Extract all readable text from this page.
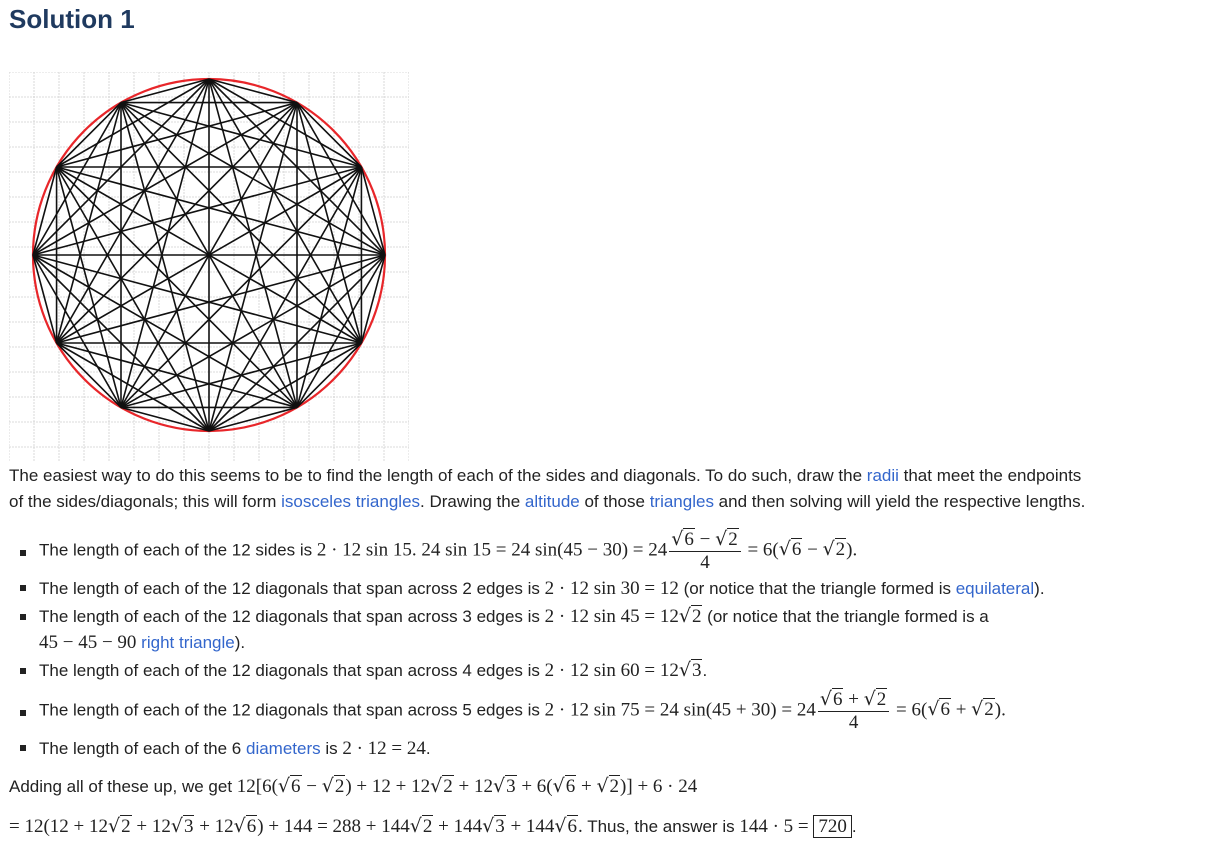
Solution 1

The easiest way to do this seems to be to find the length of each of the sides and diagonals. To do such, draw the radii that meet the endpoints

of the sides/diagonals; this will form isosceles triangles. Drawing the altitude of those triangles and then solving will yield the respective lengths.

The length of each of the 12 sides is 2 · 12 sin 15. 24 sin 15 = 24 $\sin(45 - 30) = 24 \frac{√6 - √2}{4} = 6(√6 - √2)$.
The length of each of the 12 diagonals that span across 2 edges is 2 · 12 sin 30 = 12 (or notice that the triangle formed is equilateral).
The length of each of the 12 diagonals that span across 3 edges is 2 · 12 sin 45 = 12√2 (or notice that the triangle formed is a
45 − 45 − 90 right triangle).
The length of each of the 12 diagonals that span across 4 edges is 2 · 12 sin 60 = 12√3.
The length of each of the 12 diagonals that span across 5 edges is 2 · 12 sin 75 = 24 $\sin(45 + 30) = 24 \frac{√6 + √2}{4} = 6(√6 + √2)$.
The length of each of the 6 diameters is 2 · 12 = 24.

Adding all of these up, we get 12[6(√6 − √2) + 12 + 12√2 + 12√3 + 6(√6 + √2)] + 6 · 24

= 12(12 + 12√2 + 12√3 + 12√6) + 144 = 288 + 144√2 + 144√3 + 144√6. Thus, the answer is 144 · 5 = 720 .
